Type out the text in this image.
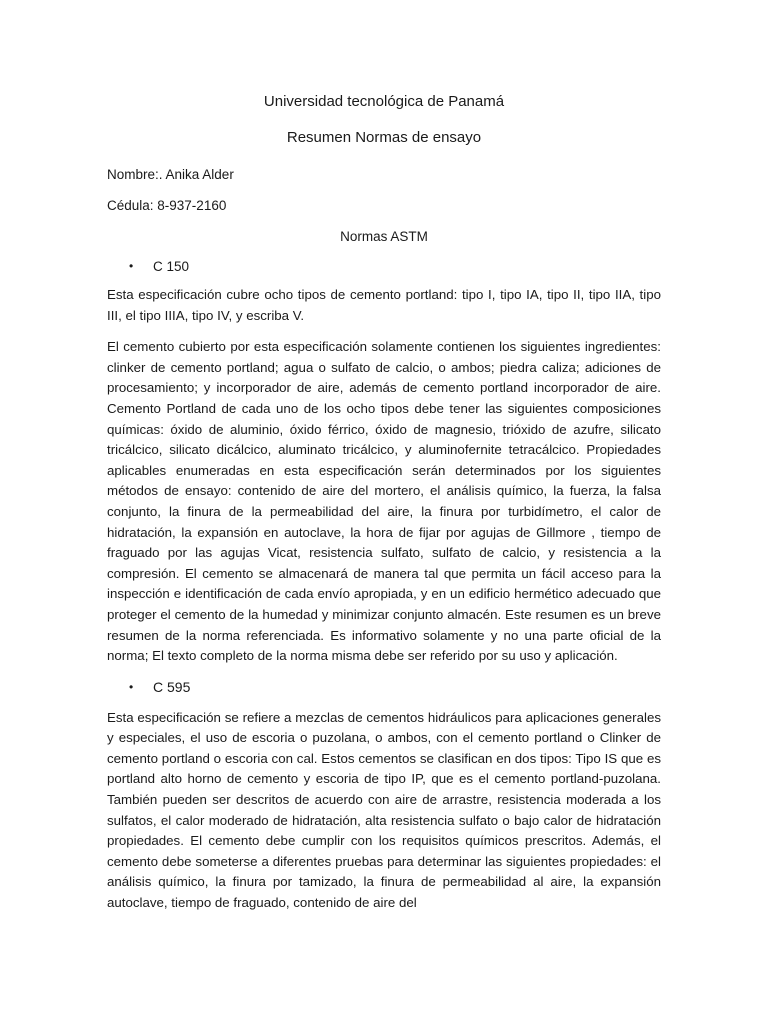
Universidad tecnológica de Panamá

Resumen Normas de ensayo

Nombre:. Anika Alder

Cédula: 8-937-2160

Normas ASTM

•	C 150

Esta especificación cubre ocho tipos de cemento portland: tipo I, tipo IA, tipo II, tipo IIA, tipo III, el tipo IIIA, tipo IV, y escriba V.

El cemento cubierto por esta especificación solamente contienen los siguientes ingredientes: clinker de cemento portland; agua o sulfato de calcio, o ambos; piedra caliza; adiciones de procesamiento; y incorporador de aire, además de cemento portland incorporador de aire. Cemento Portland de cada uno de los ocho tipos debe tener las siguientes composiciones químicas: óxido de aluminio, óxido férrico, óxido de magnesio, trióxido de azufre, silicato tricálcico, silicato dicálcico, aluminato tricálcico, y aluminofernite tetracálcico. Propiedades aplicables enumeradas en esta especificación serán determinados por los siguientes métodos de ensayo: contenido de aire del mortero, el análisis químico, la fuerza, la falsa conjunto, la finura de la permeabilidad del aire, la finura por turbidímetro, el calor de hidratación, la expansión en autoclave, la hora de fijar por agujas de Gillmore , tiempo de fraguado por las agujas Vicat, resistencia sulfato, sulfato de calcio, y resistencia a la compresión. El cemento se almacenará de manera tal que permita un fácil acceso para la inspección e identificación de cada envío apropiada, y en un edificio hermético adecuado que proteger el cemento de la humedad y minimizar conjunto almacén. Este resumen es un breve resumen de la norma referenciada. Es informativo solamente y no una parte oficial de la norma; El texto completo de la norma misma debe ser referido por su uso y aplicación.

•	C 595

Esta especificación se refiere a mezclas de cementos hidráulicos para aplicaciones generales y especiales, el uso de escoria o puzolana, o ambos, con el cemento portland o Clinker de cemento portland o escoria con cal. Estos cementos se clasifican en dos tipos: Tipo IS que es portland alto horno de cemento y escoria de tipo IP, que es el cemento portland-puzolana. También pueden ser descritos de acuerdo con aire de arrastre, resistencia moderada a los sulfatos, el calor moderado de hidratación, alta resistencia sulfato o bajo calor de hidratación propiedades. El cemento debe cumplir con los requisitos químicos prescritos. Además, el cemento debe someterse a diferentes pruebas para determinar las siguientes propiedades: el análisis químico, la finura por tamizado, la finura de permeabilidad al aire, la expansión autoclave, tiempo de fraguado, contenido de aire del
